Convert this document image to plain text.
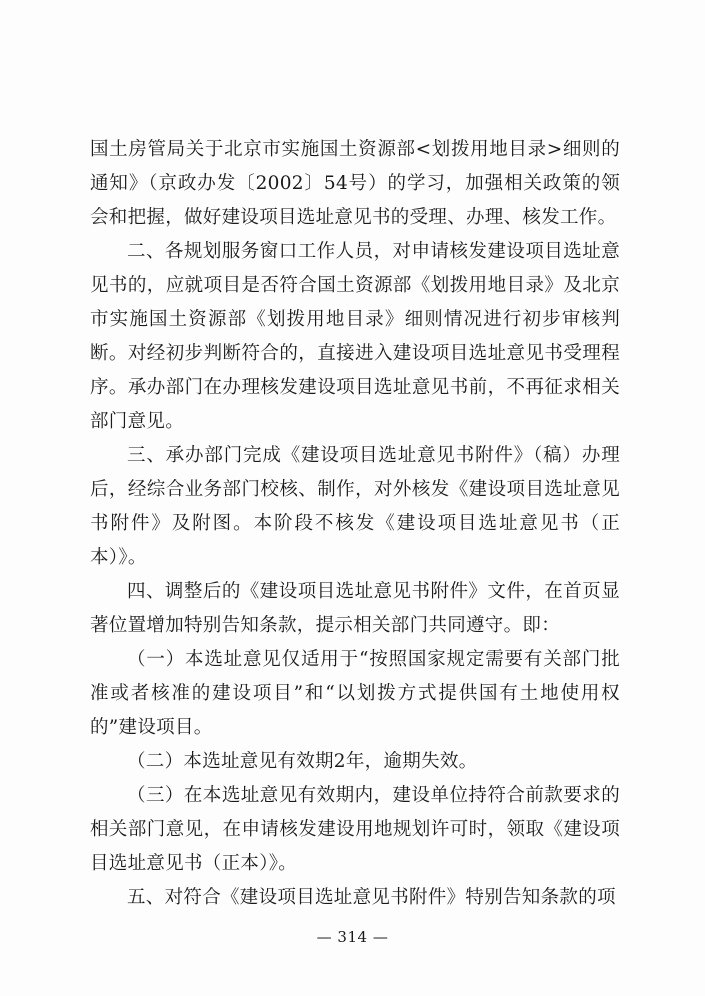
国土房管局关于北京市实施国土资源部<划拨用地目录>细则的通知》（京政办发〔2002〕54号）的学习，加强相关政策的领会和把握，做好建设项目选址意见书的受理、办理、核发工作。

二、各规划服务窗口工作人员，对申请核发建设项目选址意见书的，应就项目是否符合国土资源部《划拨用地目录》及北京市实施国土资源部《划拨用地目录》细则情况进行初步审核判断。对经初步判断符合的，直接进入建设项目选址意见书受理程序。承办部门在办理核发建设项目选址意见书前，不再征求相关部门意见。

三、承办部门完成《建设项目选址意见书附件》（稿）办理后，经综合业务部门校核、制作，对外核发《建设项目选址意见书附件》及附图。本阶段不核发《建设项目选址意见书（正本）》。

四、调整后的《建设项目选址意见书附件》文件，在首页显著位置增加特别告知条款，提示相关部门共同遵守。即：

（一）本选址意见仅适用于“按照国家规定需要有关部门批准或者核准的建设项目”和“以划拨方式提供国有土地使用权的”建设项目。

（二）本选址意见有效期2年，逾期失效。

（三）在本选址意见有效期内，建设单位持符合前款要求的相关部门意见，在申请核发建设用地规划许可时，领取《建设项目选址意见书（正本）》。

五、对符合《建设项目选址意见书附件》特别告知条款的项

— 314 —
